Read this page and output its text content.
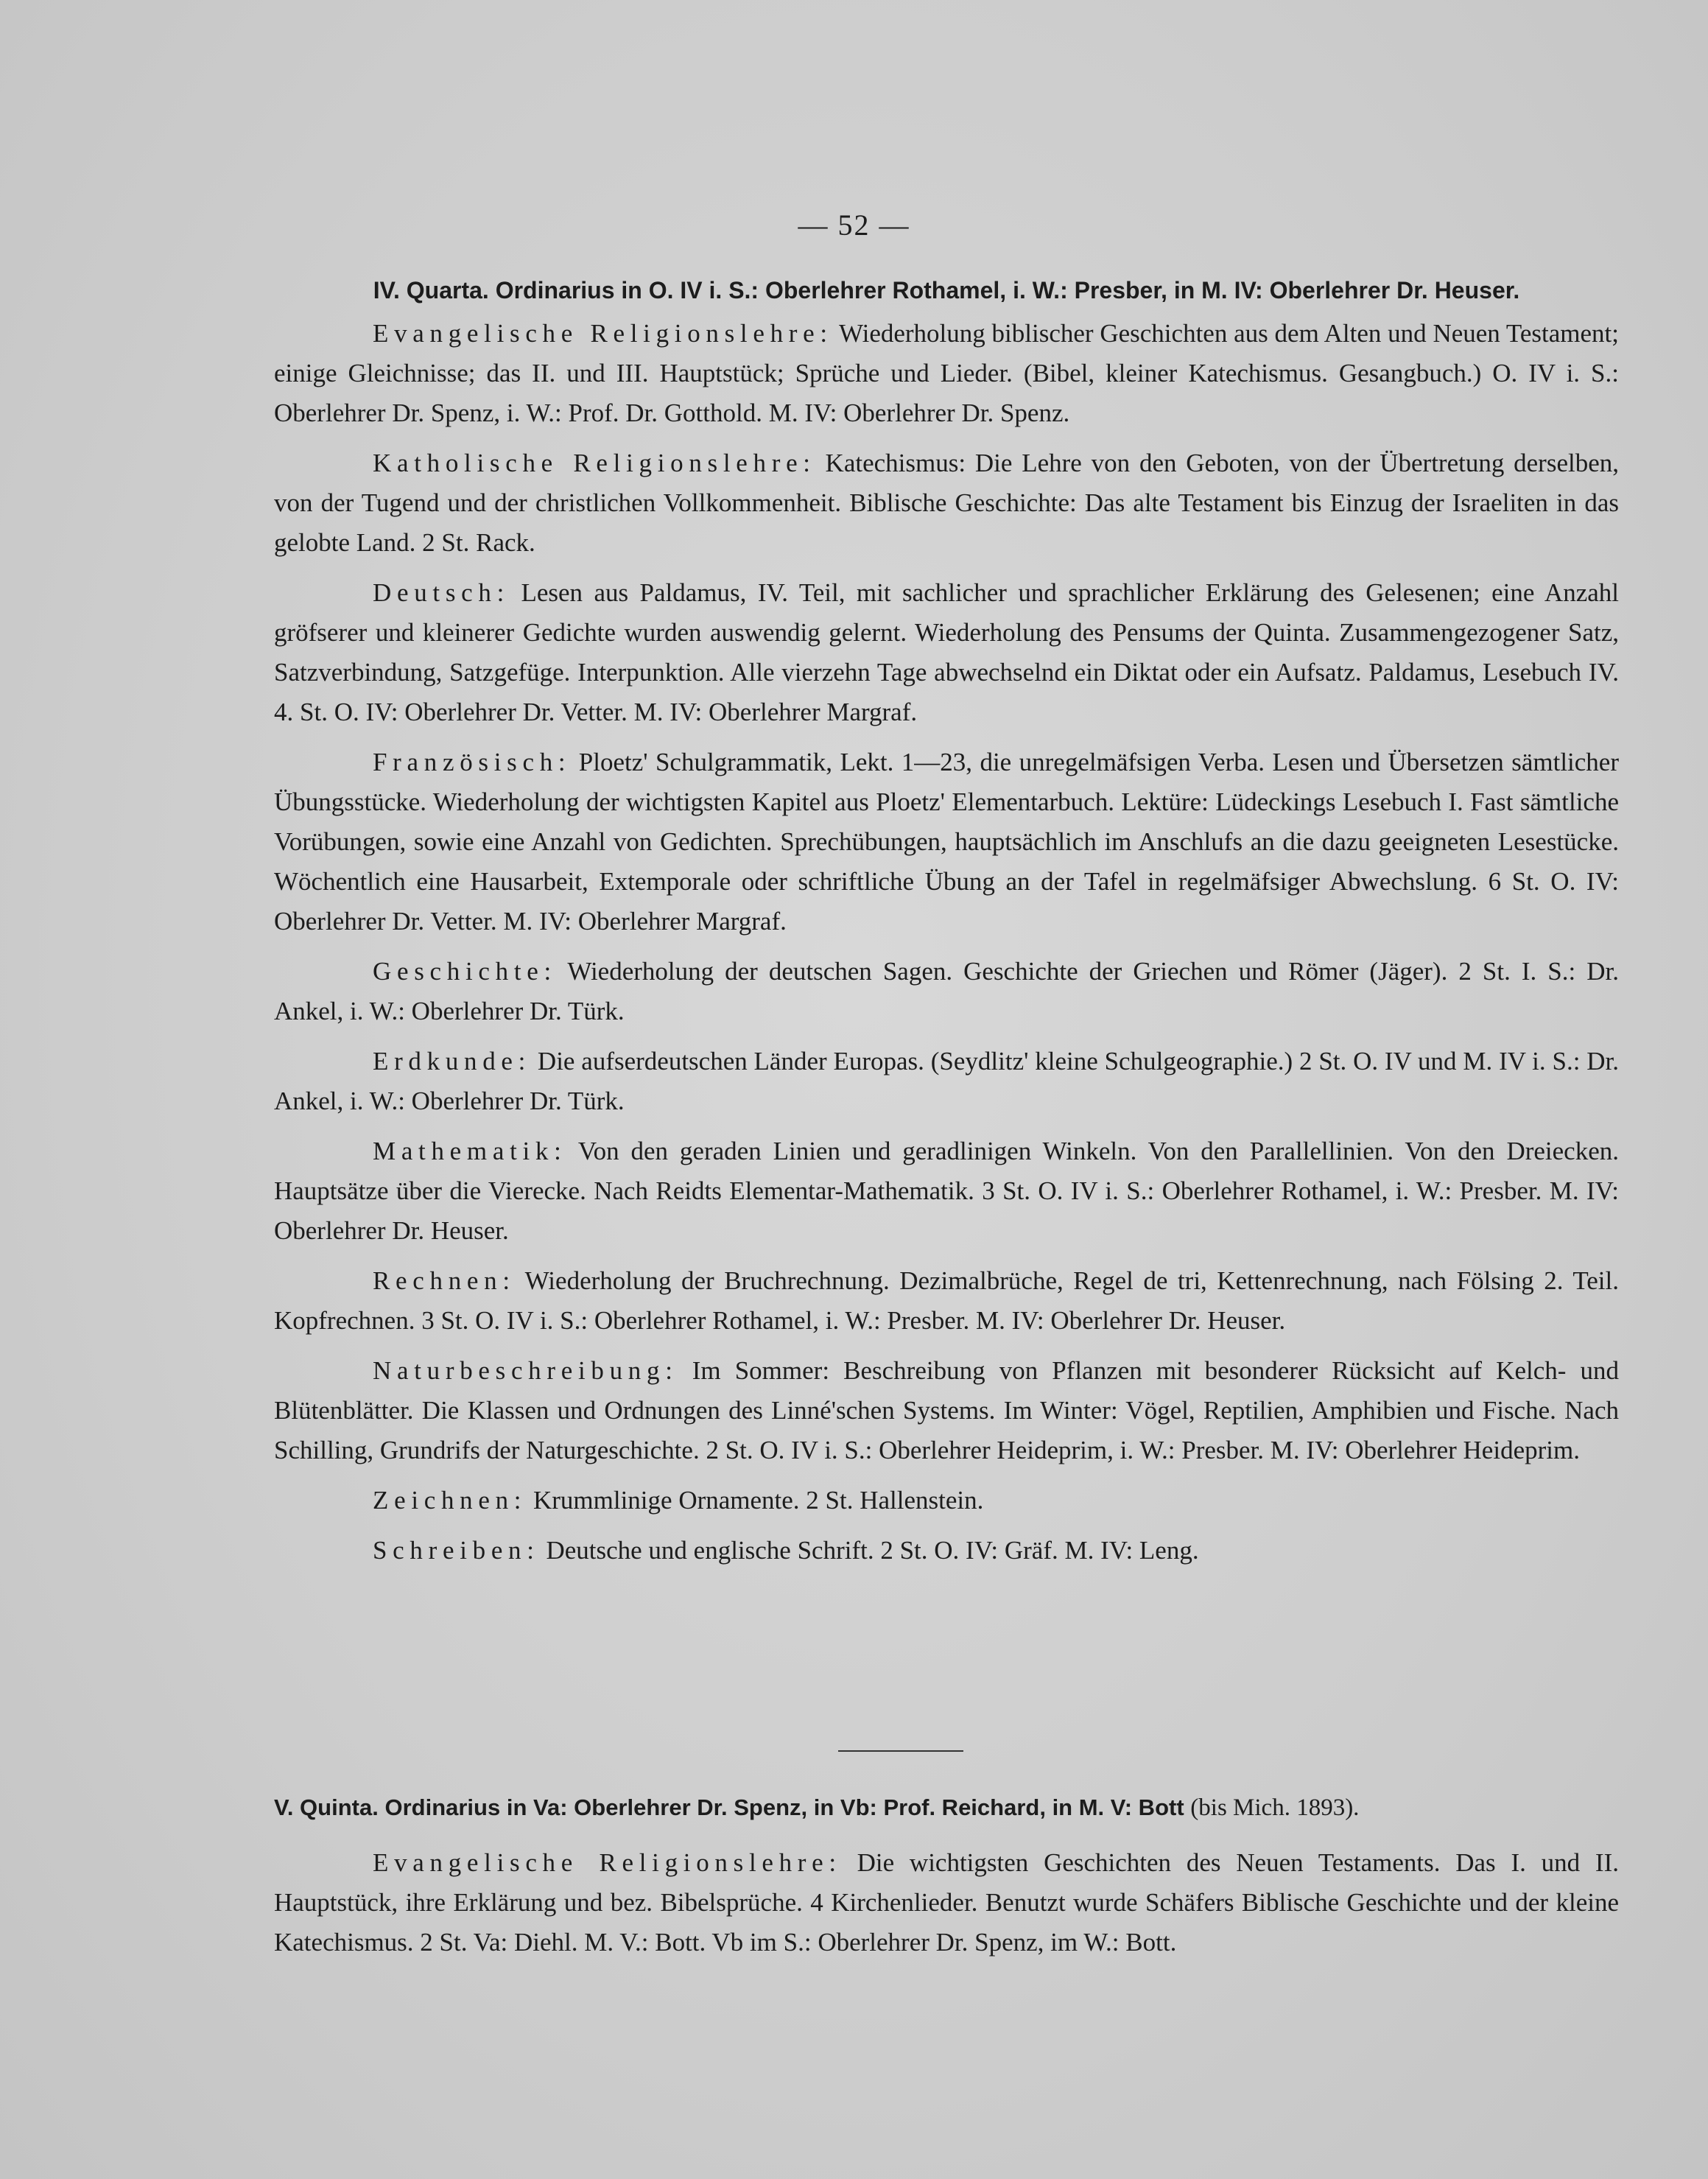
— 52 —
IV. Quarta. Ordinarius in O. IV i. S.: Oberlehrer Rothamel, i. W.: Presber, in M. IV: Oberlehrer Dr. Heuser.

Evangelische Religionslehre: Wiederholung biblischer Geschichten aus dem Alten und Neuen Testament; einige Gleichnisse; das II. und III. Hauptstück; Sprüche und Lieder. (Bibel, kleiner Katechismus. Gesangbuch.) O. IV i. S.: Oberlehrer Dr. Spenz, i. W.: Prof. Dr. Gotthold. M. IV: Oberlehrer Dr. Spenz.

Katholische Religionslehre: Katechismus: Die Lehre von den Geboten, von der Übertretung derselben, von der Tugend und der christlichen Vollkommenheit. Biblische Geschichte: Das alte Testament bis Einzug der Israeliten in das gelobte Land. 2 St. Rack.

Deutsch: Lesen aus Paldamus, IV. Teil, mit sachlicher und sprachlicher Erklärung des Gelesenen; eine Anzahl gröfserer und kleinerer Gedichte wurden auswendig gelernt. Wiederholung des Pensums der Quinta. Zusammengezogener Satz, Satzverbindung, Satzgefüge. Interpunktion. Alle vierzehn Tage abwechselnd ein Diktat oder ein Aufsatz. Paldamus, Lesebuch IV. 4. St. O. IV: Oberlehrer Dr. Vetter. M. IV: Oberlehrer Margraf.

Französisch: Ploetz' Schulgrammatik, Lekt. 1—23, die unregelmäfsigen Verba. Lesen und Übersetzen sämtlicher Übungsstücke. Wiederholung der wichtigsten Kapitel aus Ploetz' Elementarbuch. Lektüre: Lüdeckings Lesebuch I. Fast sämtliche Vorübungen, sowie eine Anzahl von Gedichten. Sprechübungen, hauptsächlich im Anschlufs an die dazu geeigneten Lesestücke. Wöchentlich eine Hausarbeit, Extemporale oder schriftliche Übung an der Tafel in regelmäfsiger Abwechslung. 6 St. O. IV: Oberlehrer Dr. Vetter. M. IV: Oberlehrer Margraf.

Geschichte: Wiederholung der deutschen Sagen. Geschichte der Griechen und Römer (Jäger). 2 St. I. S.: Dr. Ankel, i. W.: Oberlehrer Dr. Türk.

Erdkunde: Die aufserdeutschen Länder Europas. (Seydlitz' kleine Schulgeographie.) 2 St. O. IV und M. IV i. S.: Dr. Ankel, i. W.: Oberlehrer Dr. Türk.

Mathematik: Von den geraden Linien und geradlinigen Winkeln. Von den Parallellinien. Von den Dreiecken. Hauptsätze über die Vierecke. Nach Reidts Elementar-Mathematik. 3 St. O. IV i. S.: Oberlehrer Rothamel, i. W.: Presber. M. IV: Oberlehrer Dr. Heuser.

Rechnen: Wiederholung der Bruchrechnung. Dezimalbrüche, Regel de tri, Kettenrechnung, nach Fölsing 2. Teil. Kopfrechnen. 3 St. O. IV i. S.: Oberlehrer Rothamel, i. W.: Presber. M. IV: Oberlehrer Dr. Heuser.

Naturbeschreibung: Im Sommer: Beschreibung von Pflanzen mit besonderer Rücksicht auf Kelch- und Blütenblätter. Die Klassen und Ordnungen des Linné'schen Systems. Im Winter: Vögel, Reptilien, Amphibien und Fische. Nach Schilling, Grundrifs der Naturgeschichte. 2 St. O. IV i. S.: Oberlehrer Heideprim, i. W.: Presber. M. IV: Oberlehrer Heideprim.

Zeichnen: Krummlinige Ornamente. 2 St. Hallenstein.

Schreiben: Deutsche und englische Schrift. 2 St. O. IV: Gräf. M. IV: Leng.

V. Quinta. Ordinarius in Va: Oberlehrer Dr. Spenz, in Vb: Prof. Reichard, in M. V: Bott (bis Mich. 1893).

Evangelische Religionslehre: Die wichtigsten Geschichten des Neuen Testaments. Das I. und II. Hauptstück, ihre Erklärung und bez. Bibelsprüche. 4 Kirchenlieder. Benutzt wurde Schäfers Biblische Geschichte und der kleine Katechismus. 2 St. Va: Diehl. M. V.: Bott. Vb im S.: Oberlehrer Dr. Spenz, im W.: Bott.
